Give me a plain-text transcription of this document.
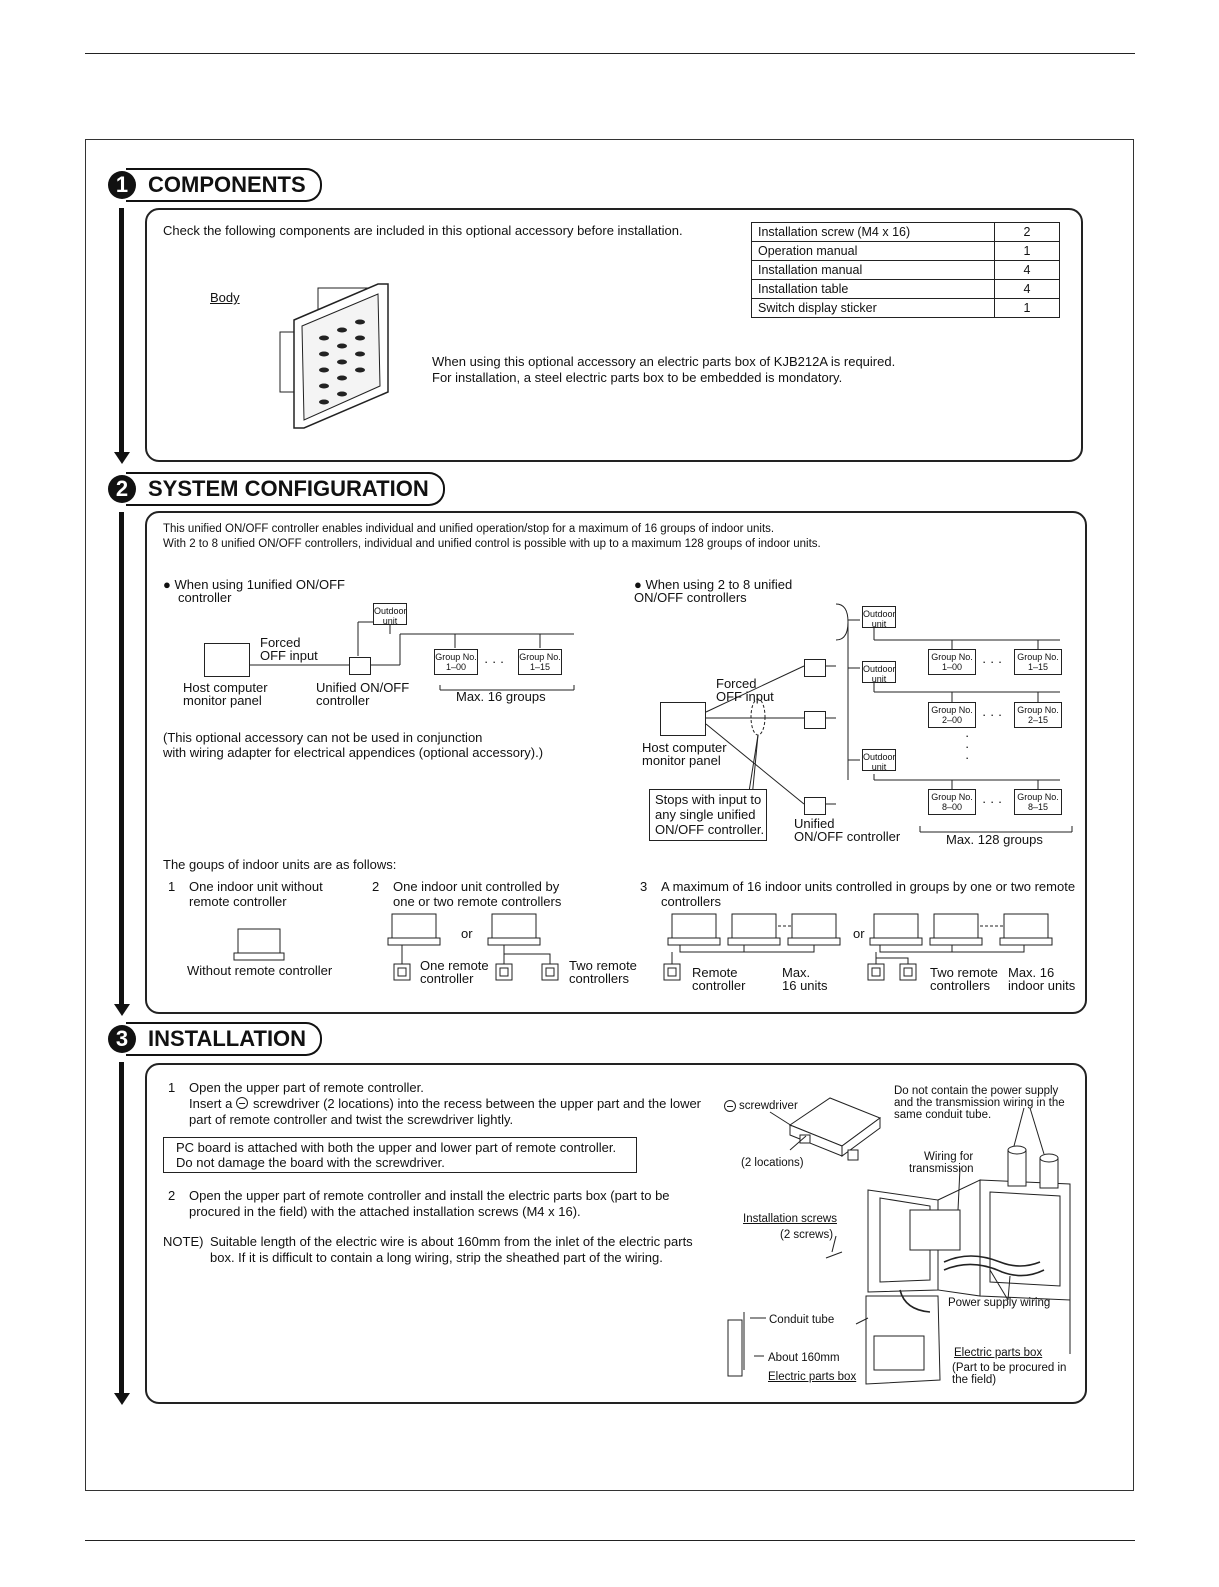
1 COMPONENTS
Check the following components are included in this optional accessory before installation.
Body
Installation screw (M4 x 16)	2
Operation manual	1
Installation manual	4
Installation table	4
Switch display sticker	1
When using this optional accessory an electric parts box of KJB212A is required.
For installation, a steel electric parts box to be embedded is mondatory.
2 SYSTEM CONFIGURATION
This unified ON/OFF controller enables individual and unified operation/stop for a maximum of 16 groups of indoor units.
With 2 to 8 unified ON/OFF controllers, individual and unified control is possible with up to a maximum 128 groups of indoor units.
● When using 1unified ON/OFF
controller
Outdoor
unit
Forced
OFF input
Host computer
monitor panel
Unified ON/OFF
controller
Group No.
1–00	· · · Group No.
1–15
Max. 16 groups
(This optional accessory can not be used in conjunction
with wiring adapter for electrical appendices (optional accessory).)
● When using 2 to 8 unified
ON/OFF controllers
Outdoor
unit
Outdoor
unit
Outdoor
unit
Forced
OFF input
Host computer
monitor panel
Stops with input to
any single unified
ON/OFF controller. Unified
ON/OFF controller
Group No.
1–00
Group No.
1–15
· · ·
Group No.
2–00
Group No.
2–15
· · ·
·
·
·
Group No.
8–00
Group No.
8–15
· · ·
Max. 128 groups
The goups of indoor units are as follows:
1 One indoor unit without
remote controller
Without remote controller
2 One indoor unit controlled by
one or two remote controllers
or
One remote
controller
Two remote
controllers
3 A maximum of 16 indoor units controlled in groups by one or two remote
controllers
or
Remote
controller
Max.
16 units
Two remote
controllers
Max. 16
indoor units
3 INSTALLATION
1 Open the upper part of remote controller.
Insert a screwdriver (2 locations) into the recess between the upper part and the lower
part of remote controller and twist the screwdriver lightly.
PC board is attached with both the upper and lower part of remote controller.
Do not damage the board with the screwdriver.
2 Open the upper part of remote controller and install the electric parts box (part to be
procured in the field) with the attached installation screws (M4 x 16).
NOTE) Suitable length of the electric wire is about 160mm from the inlet of the electric parts
box. If it is difficult to contain a long wiring, strip the sheathed part of the wiring.
screwdriver
(2 locations)
Do not contain the power supply
and the transmission wiring in the
same conduit tube.
Wiring for
transmission
Installation screws
(2 screws)
Power supply wiring
Conduit tube
About 160mm
Electric parts box
Electric parts box
(Part to be procured in
the field)
